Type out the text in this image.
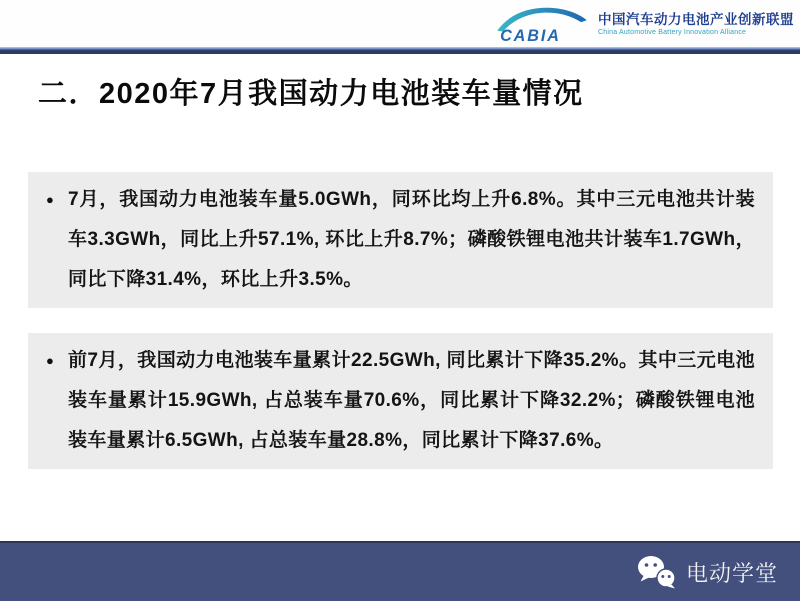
CABIA
中国汽车动力电池产业创新联盟
China Automotive Battery Innovation Alliance
二．2020年7月我国动力电池装车量情况
● 7月，我国动力电池装车量5.0GWh，同环比均上升6.8%。其中三元电池共计装车3.3GWh，同比上升57.1%, 环比上升8.7%；磷酸铁锂电池共计装车1.7GWh，同比下降31.4%，环比上升3.5%。

● 前7月，我国动力电池装车量累计22.5GWh, 同比累计下降35.2%。其中三元电池装车量累计15.9GWh, 占总装车量70.6%，同比累计下降32.2%；磷酸铁锂电池装车量累计6.5GWh, 占总装车量28.8%，同比累计下降37.6%。

电动学堂
